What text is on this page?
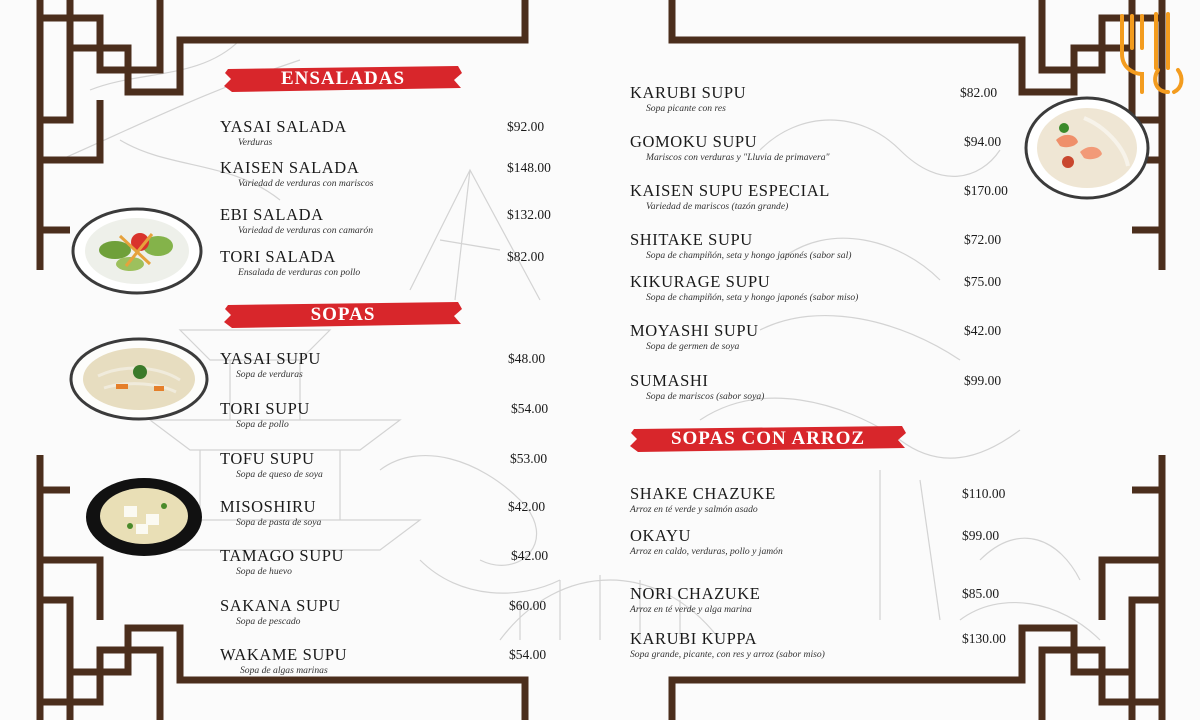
ENSALADAS
SOPAS
SOPAS CON ARROZ
YASAI SALADA
Verduras
$92.00
KAISEN SALADA
Variedad de verduras con mariscos
$148.00
EBI SALADA
Variedad de verduras con camarón
$132.00
TORI SALADA
Ensalada de verduras con pollo
$82.00
YASAI SUPU
Sopa de verduras
$48.00
TORI SUPU
Sopa de pollo
$54.00
TOFU SUPU
Sopa de queso de soya
$53.00
MISOSHIRU
Sopa de pasta de soya
$42.00
TAMAGO SUPU
Sopa de huevo
$42.00
SAKANA SUPU
Sopa de pescado
$60.00
WAKAME SUPU
Sopa de algas marinas
$54.00
KARUBI SUPU
Sopa picante con res
$82.00
GOMOKU SUPU
Mariscos con verduras y "Lluvia de primavera"
$94.00
KAISEN SUPU ESPECIAL
Variedad de mariscos (tazón grande)
$170.00
SHITAKE SUPU
Sopa de champiñón, seta y hongo japonés (sabor sal)
$72.00
KIKURAGE SUPU
Sopa de champiñón, seta y hongo japonés (sabor miso)
$75.00
MOYASHI SUPU
Sopa de germen de soya
$42.00
SUMASHI
Sopa de mariscos (sabor soya)
$99.00
SHAKE CHAZUKE
Arroz en té verde y salmón asado
$110.00
OKAYU
Arroz en caldo, verduras, pollo y jamón
$99.00
NORI CHAZUKE
Arroz en té verde y alga marina
$85.00
KARUBI KUPPA
Sopa grande, picante, con res y arroz (sabor miso)
$130.00
